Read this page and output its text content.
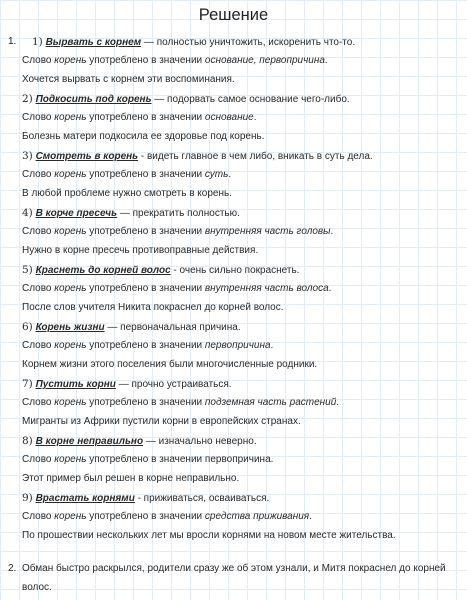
Решение
1. 1) Вырвать с корнем — полностью уничтожить, искоренить что-то.
Слово корень употреблено в значении основание, первопричина.
Хочется вырвать с корнем эти воспоминания.
2) Подкосить под корень — подорвать самое основание чего-либо.
Слово корень употреблено в значении основание.
Болезнь матери подкосила ее здоровье под корень.
3) Смотреть в корень - видеть главное в чем либо, вникать в суть дела.
Слово корень употреблено в значении суть.
В любой проблеме нужно смотреть в корень.
4) В корче пресечь — прекратить полностью.
Слово корень употреблено в значении внутренняя часть головы.
Нужно в корне пресечь противоправные действия.
5) Краснеть до корней волос - очень сильно покраснеть.
Слово корень употреблено в значении внутренняя часть волоса.
После слов учителя Никита покраснел до корней волос.
6) Корень жизни — первоначальная причина.
Слово корень употреблено в значении первопричина.
Корнем жизни этого поселения были многочисленные родники.
7) Пустить корни — прочно устраиваться.
Слово корень употреблено в значении подземная часть растений.
Мигранты из Африки пустили корни в европейских странах.
8) В корне неправильно — изначально неверно.
Слово корень употреблено в значении первопричина.
Этот пример был решен в корне неправильно.
9) Врастать корнями - приживаться, осваиваться.
Слово корень употреблено в значении средства приживания.
По прошествии нескольких лет мы вросли корнями на новом месте жительства.
2. Обман быстро раскрылся, родители сразу же об этом узнали, и Митя покраснел до корней
волос.
